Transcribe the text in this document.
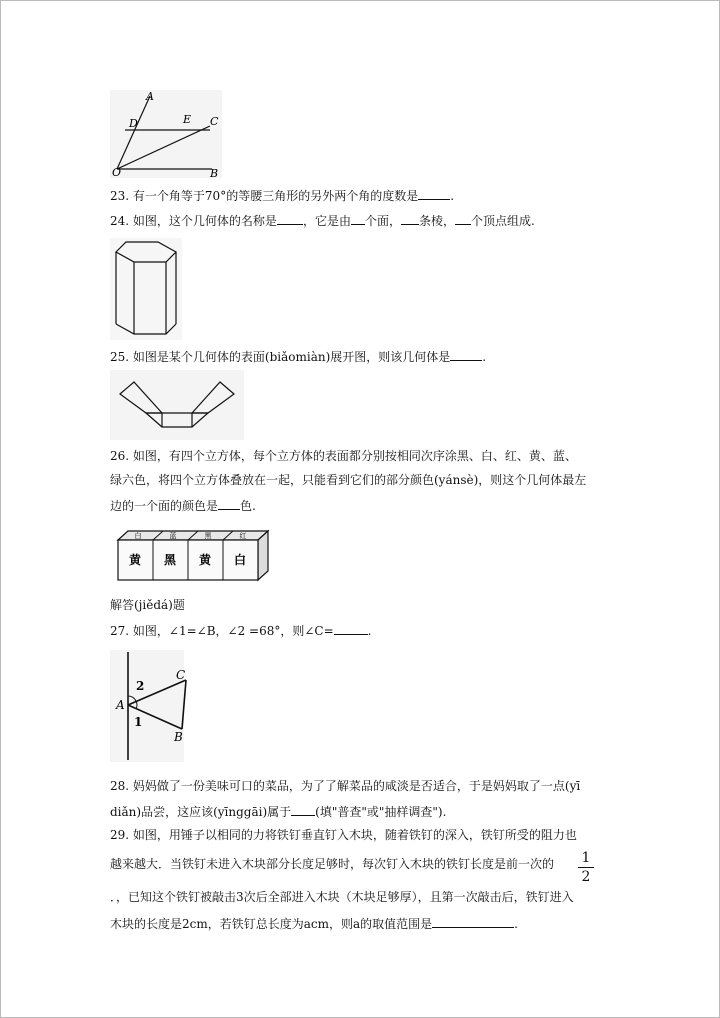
A
D	E C
O	B
23. 有一个角等于70°的等腰三角形的另外两个角的度数是	.
24. 如图，这个几何体的名称是 ，它是由 个面， 条棱， 个顶点组成.
25. 如图是某个几何体的表面(biǎomiàn)展开图，则该几何体是	.
26. 如图，有四个立方体，每个立方体的表面都分别按相同次序涂黑、白、红、黄、蓝、
绿六色，将四个立方体叠放在一起，只能看到它们的部分颜色(yánsè)，则这个几何体最左
边的一个面的颜色是 色.
白	蓝	黑	红
黄 黑 黄 白
解答(jiědá)题
27. 如图，∠1=∠B，∠2 =68°，则∠C=	.
C
A
B
2
1
28. 妈妈做了一份美味可口的菜品，为了了解菜品的咸淡是否适合，于是妈妈取了一点(yī
diǎn)品尝，这应该(yīnggāi)属于 (填"普查"或"抽样调查").
29. 如图，用锤子以相同的力将铁钉垂直钉入木块，随着铁钉的深入，铁钉所受的阻力也
越来越大．当铁钉未进入木块部分长度足够时，每次钉入木块的铁钉长度是前一次的 1
2
．，已知这个铁钉被敲击3次后全部进入木块（木块足够厚），且第一次敲击后，铁钉进入
木块的长度是2cm，若铁钉总长度为acm，则a的取值范围是	.
